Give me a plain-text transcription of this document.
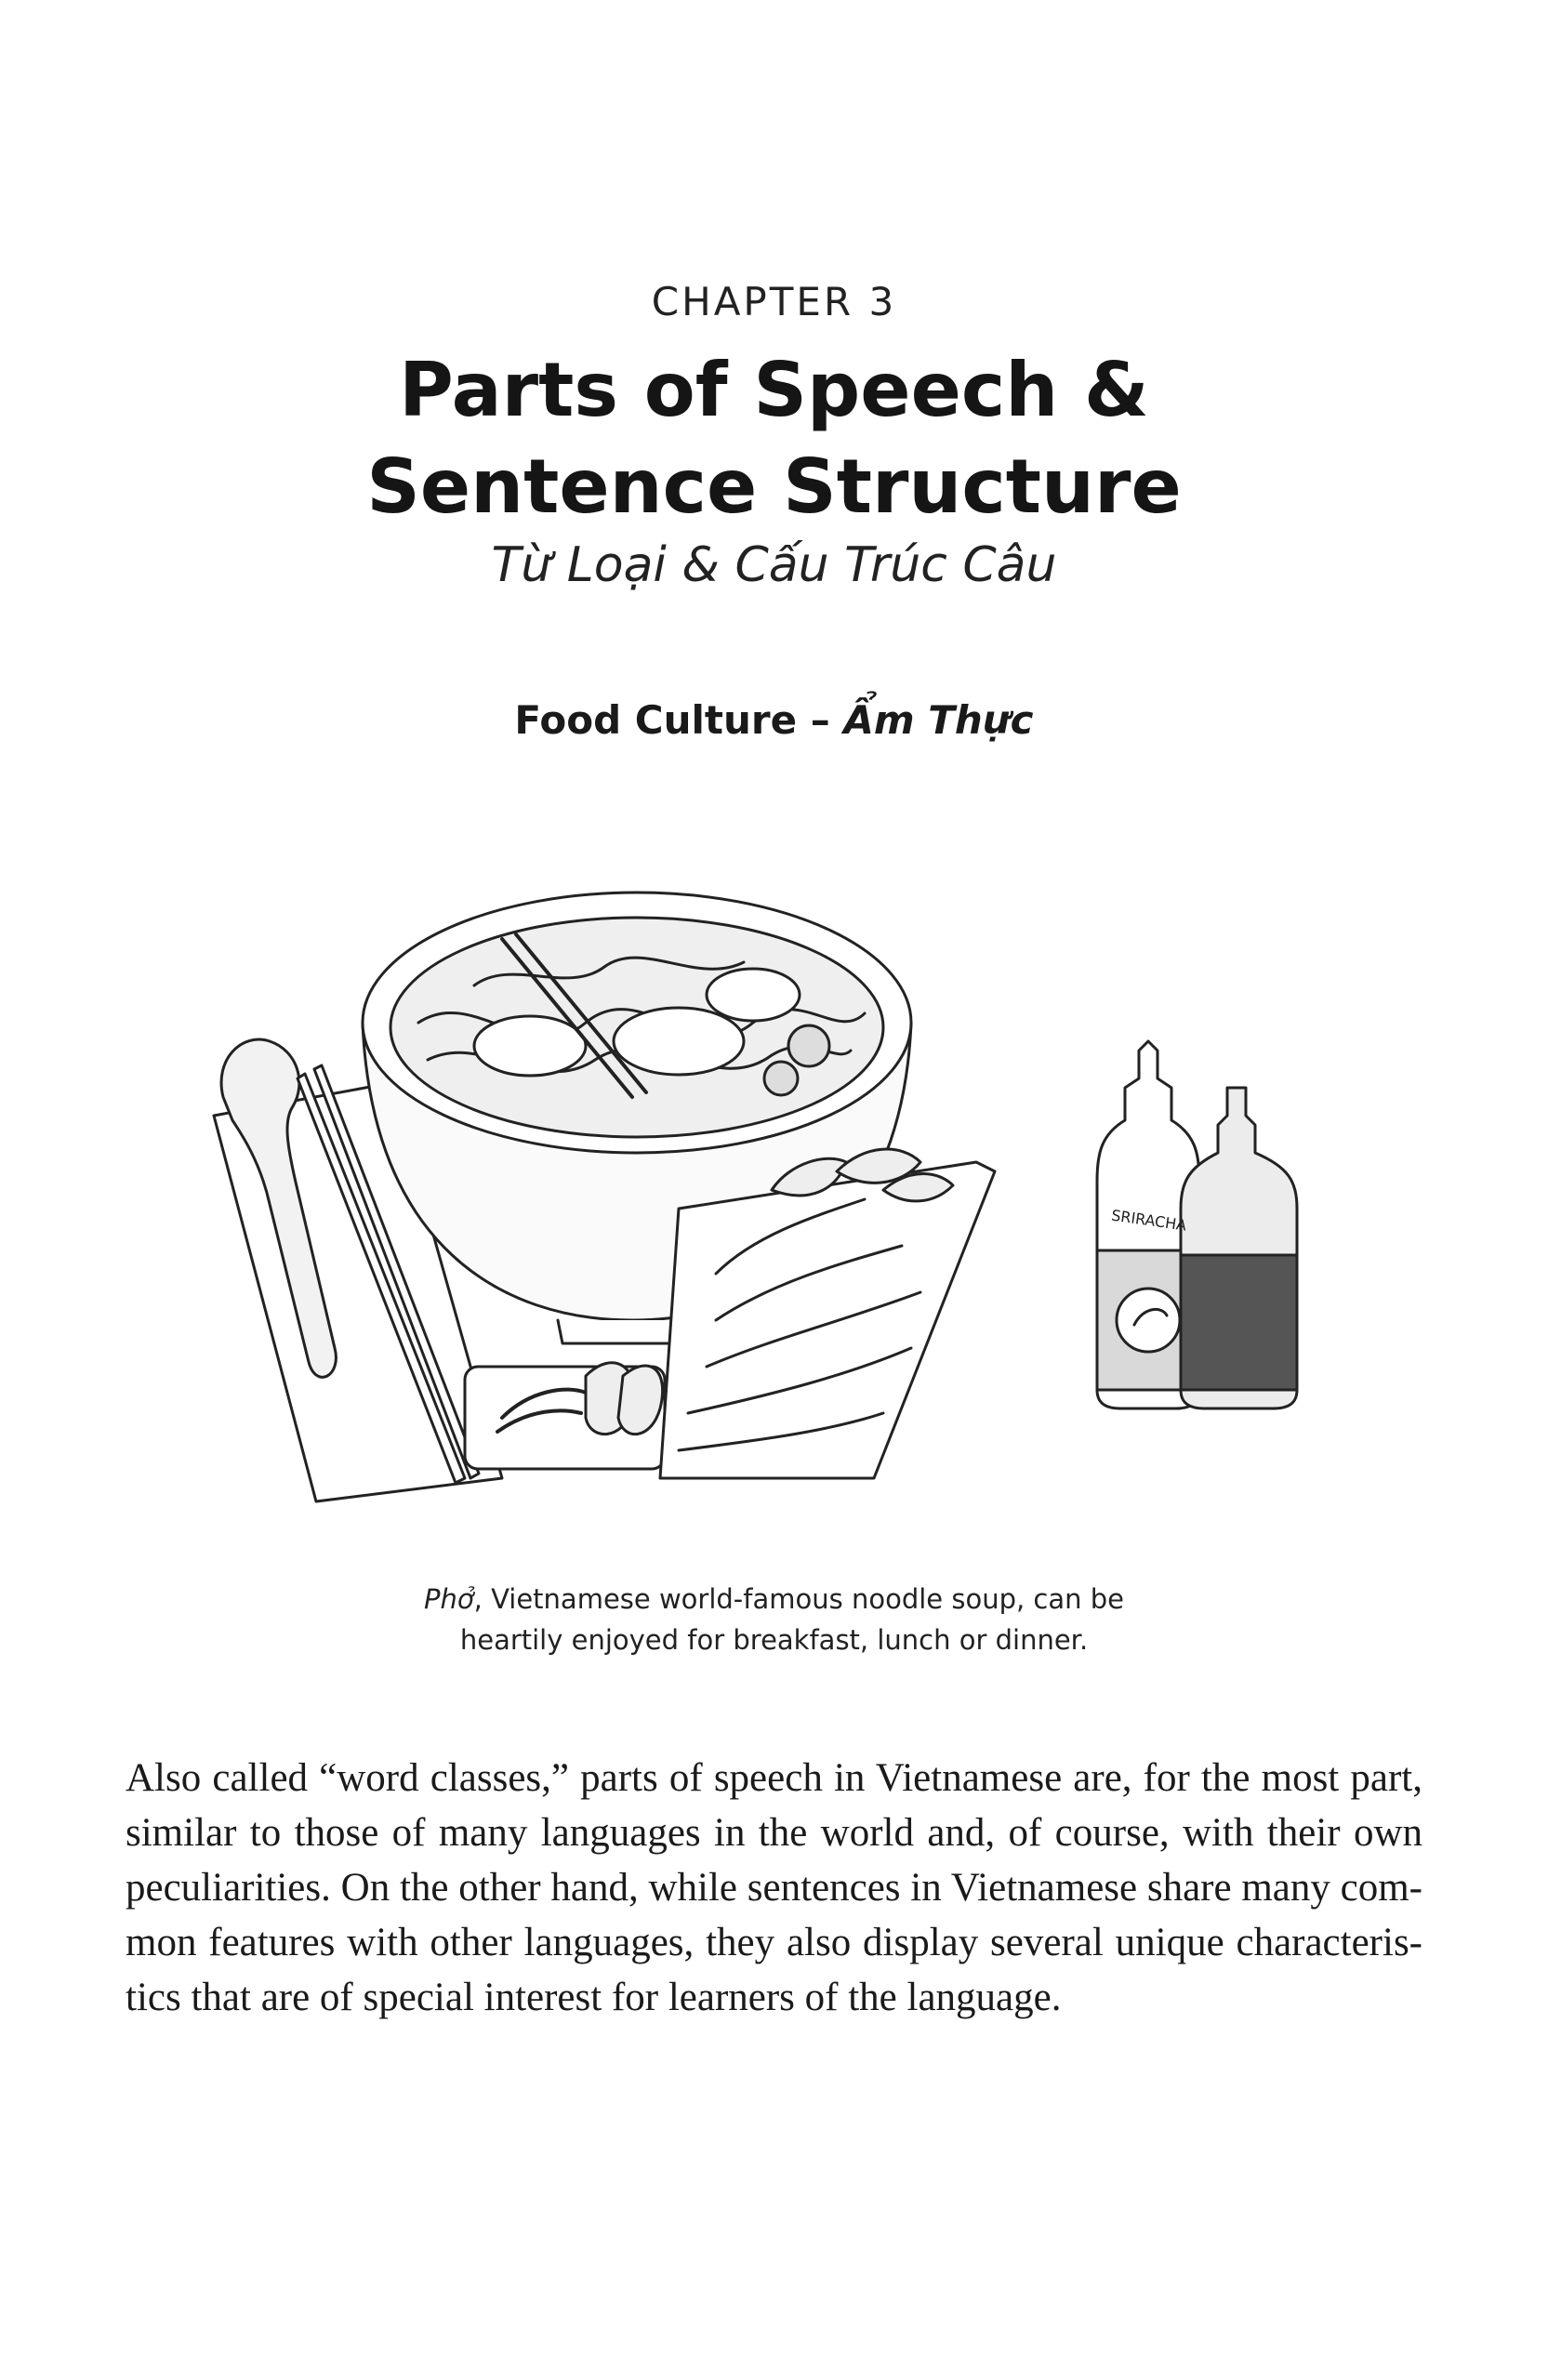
CHAPTER 3
Parts of Speech &
Sentence Structure
Từ Loại & Cấu Trúc Câu
Food Culture – Ẩm Thực
SRIRACHA
Phở, Vietnamese world-famous noodle soup, can be
heartily enjoyed for breakfast, lunch or dinner.
Also called “word classes,” parts of speech in Vietnamese are, for the most part,
similar to those of many languages in the world and, of course, with their own
peculiarities. On the other hand, while sentences in Vietnamese share many com-
mon features with other languages, they also display several unique characteris-
tics that are of special interest for learners of the language.
